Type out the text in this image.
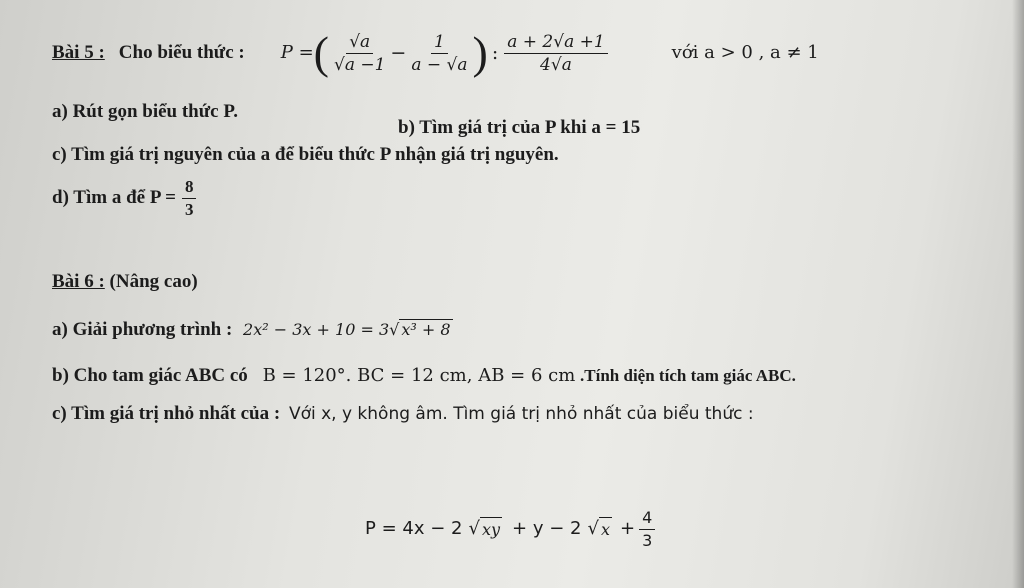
Bài 5 : Cho biểu thức : P = ( $\frac{√a}{√a -1} - \frac{1}{a - √a}$ ) : $\frac{a + 2√a +1}{4√a}$	với a > 0 , a ≠ 1
a) Rút gọn biểu thức P.
b) Tìm giá trị của P khi a = 15
c) Tìm giá trị nguyên của a để biểu thức P nhận giá trị nguyên.
d) Tìm a để $P = \frac{8}{3}$
Bài 6 : (Nâng cao)
a) Giải phương trình : 2x² − 3x + 10 = 3√ x³ + 8
b) Cho tam giác ABC có B = 120°. BC = 12 cm, AB = 6 cm .Tính diện tích tam giác ABC.
c) Tìm giá trị nhỏ nhất của : Với x, y không âm. Tìm giá trị nhỏ nhất của biểu thức :
P = 4x − 2 √ xy + y − 2 √ $x + \frac{4}{3}$
